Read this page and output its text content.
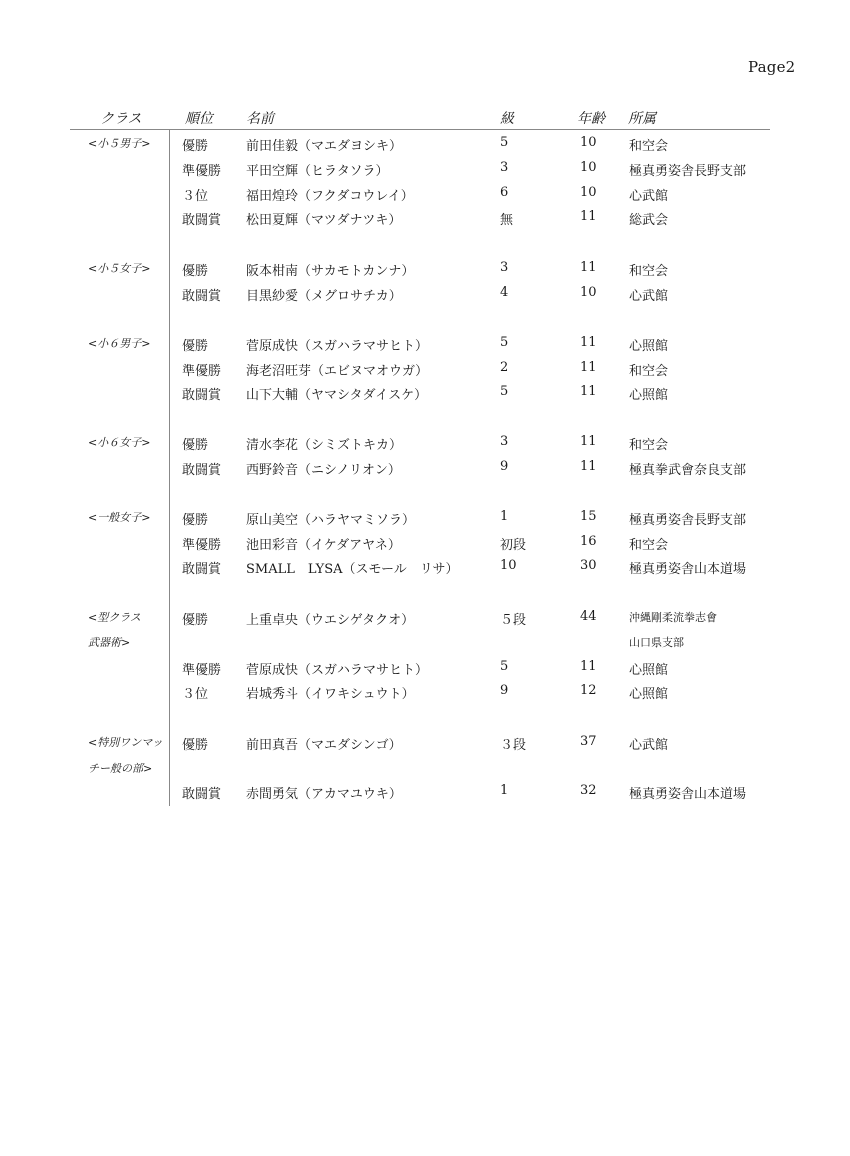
Page2
クラス	順位 名前	級	年齢 所属
<小５男子> 優勝	前田佳毅（マエダヨシキ）	5	10 和空会
準優勝 平田空輝（ヒラタソラ）	3	10 極真勇姿舎長野支部
３位	福田煌玲（フクダコウレイ）	6	10 心武館
敢闘賞 松田夏輝（マツダナツキ）	無	11 総武会
<小５女子> 優勝	阪本柑南（サカモトカンナ）	3	11 和空会
敢闘賞 目黒紗愛（メグロサチカ）	4	10 心武館
<小６男子> 優勝	菅原成快（スガハラマサヒト）	5	11 心照館
準優勝 海老沼旺芽（エビヌマオウガ）	2	11 和空会
敢闘賞 山下大輔（ヤマシタダイスケ）	5	11 心照館
<小６女子> 優勝	清水李花（シミズトキカ）	3	11 和空会
敢闘賞 西野鈴音（ニシノリオン）	9	11 極真拳武會奈良支部
<一般女子> 優勝	原山美空（ハラヤマミソラ）	1	15 極真勇姿舎長野支部
準優勝 池田彩音（イケダアヤネ）	初段	16 和空会
敢闘賞 SMALL　LYSA（スモール　リサ）	10	30 極真勇姿舎山本道場
<型クラス	優勝	上重卓央（ウエシゲタクオ）	５段	44	沖縄剛柔流拳志會
武器術>	山口県支部
準優勝 菅原成快（スガハラマサヒト）	5	11 心照館
３位	岩城秀斗（イワキシュウト）	9	12 心照館
<特別ワンマッ 優勝	前田真吾（マエダシンゴ）	３段	37 心武館
チー般の部>
敢闘賞 赤間勇気（アカマユウキ）	1	32 極真勇姿舎山本道場
